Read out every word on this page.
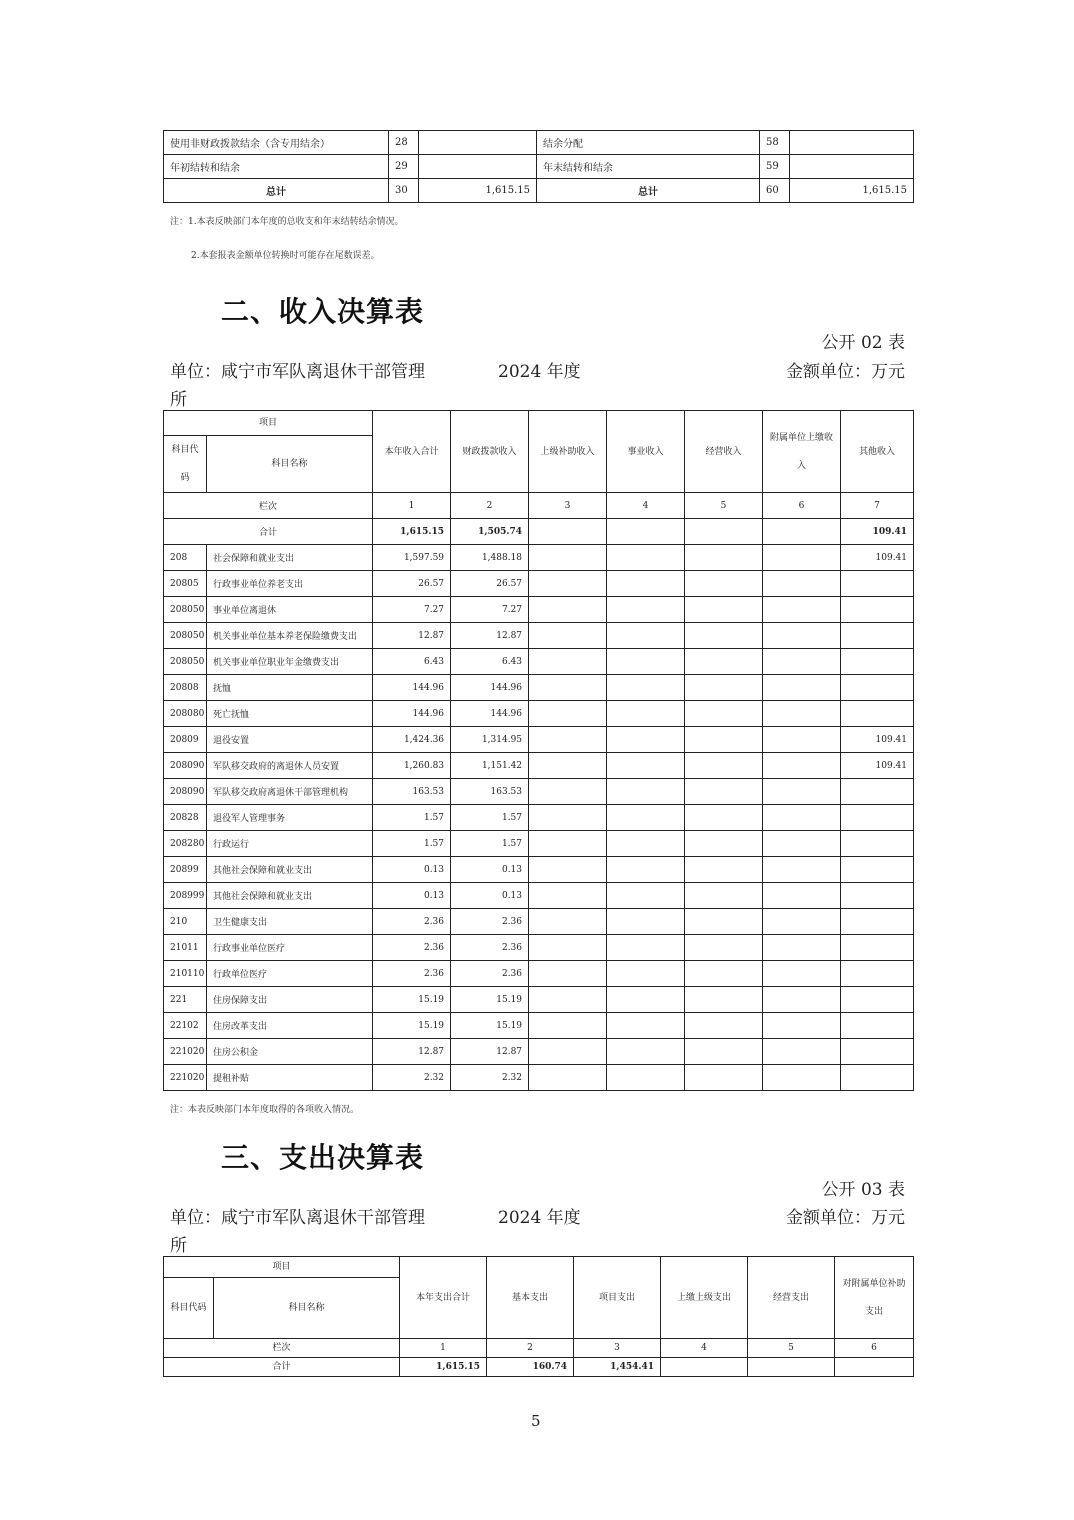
使用非财政拨款结余（含专用结余）	28		结余分配	58	
年初结转和结余	29		年末结转和结余	59	
总计	30	1,615.15	总计	60	1,615.15
注：1.本表反映部门本年度的总收支和年末结转结余情况。
2.本套报表金额单位转换时可能存在尾数误差。
二、收入决算表
公开 02 表
单位：咸宁市军队离退休干部管理	2024 年度	金额单位：万元
所
项目		本年收入合计	财政拨款收入	上级补助收入	事业收入	经营收入	附属单位上缴收入	其他收入
科目代码	科目名称							
栏次		1	2	3	4	5	6	7
合计		1,615.15	1,505.74					109.41
208	社会保障和就业支出	1,597.59	1,488.18					109.41
20805	行政事业单位养老支出	26.57	26.57					
208050	事业单位离退休	7.27	7.27					
208050	机关事业单位基本养老保险缴费支出	12.87	12.87					
208050	机关事业单位职业年金缴费支出	6.43	6.43					
20808	抚恤	144.96	144.96					
208080	死亡抚恤	144.96	144.96					
20809	退役安置	1,424.36	1,314.95					109.41
208090	军队移交政府的离退休人员安置	1,260.83	1,151.42					109.41
208090	军队移交政府离退休干部管理机构	163.53	163.53					
20828	退役军人管理事务	1.57	1.57					
208280	行政运行	1.57	1.57					
20899	其他社会保障和就业支出	0.13	0.13					
208999	其他社会保障和就业支出	0.13	0.13					
210	卫生健康支出	2.36	2.36					
21011	行政事业单位医疗	2.36	2.36					
210110	行政单位医疗	2.36	2.36					
221	住房保障支出	15.19	15.19					
22102	住房改革支出	15.19	15.19					
221020	住房公积金	12.87	12.87					
221020	提租补贴	2.32	2.32					
注：本表反映部门本年度取得的各项收入情况。
三、支出决算表
公开 03 表
单位：咸宁市军队离退休干部管理	2024 年度	金额单位：万元
所
项目		本年支出合计	基本支出	项目支出	上缴上级支出	经营支出	对附属单位补助支出
科目代码	科目名称						
栏次		1	2	3	4	5	6
合计		1,615.15	160.74	1,454.41			
5
